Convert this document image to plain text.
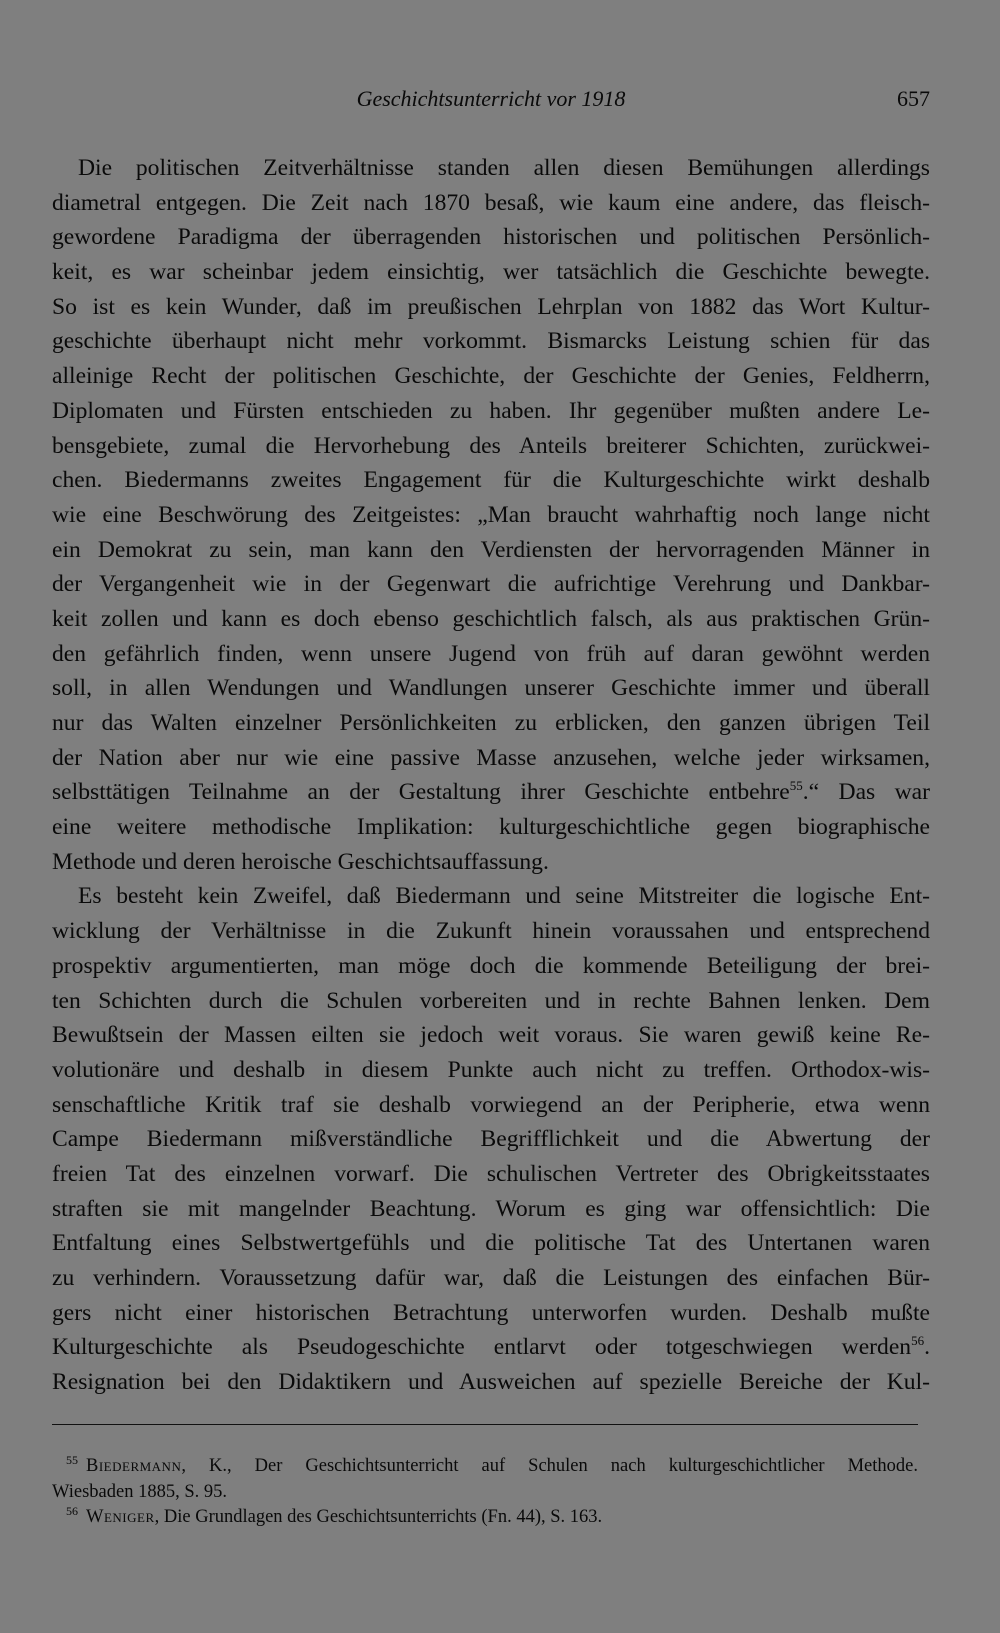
Geschichtsunterricht vor 1918	657
Die politischen Zeitverhältnisse standen allen diesen Bemühungen allerdings
diametral entgegen. Die Zeit nach 1870 besaß, wie kaum eine andere, das fleisch-
gewordene Paradigma der überragenden historischen und politischen Persönlich-
keit, es war scheinbar jedem einsichtig, wer tatsächlich die Geschichte bewegte.
So ist es kein Wunder, daß im preußischen Lehrplan von 1882 das Wort Kultur-
geschichte überhaupt nicht mehr vorkommt. Bismarcks Leistung schien für das
alleinige Recht der politischen Geschichte, der Geschichte der Genies, Feldherrn,
Diplomaten und Fürsten entschieden zu haben. Ihr gegenüber mußten andere Le-
bensgebiete, zumal die Hervorhebung des Anteils breiterer Schichten, zurückwei-
chen. Biedermanns zweites Engagement für die Kulturgeschichte wirkt deshalb
wie eine Beschwörung des Zeitgeistes: „Man braucht wahrhaftig noch lange nicht
ein Demokrat zu sein, man kann den Verdiensten der hervorragenden Männer in
der Vergangenheit wie in der Gegenwart die aufrichtige Verehrung und Dankbar-
keit zollen und kann es doch ebenso geschichtlich falsch, als aus praktischen Grün-
den gefährlich finden, wenn unsere Jugend von früh auf daran gewöhnt werden
soll, in allen Wendungen und Wandlungen unserer Geschichte immer und überall
nur das Walten einzelner Persönlichkeiten zu erblicken, den ganzen übrigen Teil
der Nation aber nur wie eine passive Masse anzusehen, welche jeder wirksamen,
selbsttätigen Teilnahme an der Gestaltung ihrer Geschichte entbehre$^{55}$.“ Das war
eine weitere methodische Implikation: kulturgeschichtliche gegen biographische
Methode und deren heroische Geschichtsauffassung.
Es besteht kein Zweifel, daß Biedermann und seine Mitstreiter die logische Ent-
wicklung der Verhältnisse in die Zukunft hinein voraussahen und entsprechend
prospektiv argumentierten, man möge doch die kommende Beteiligung der brei-
ten Schichten durch die Schulen vorbereiten und in rechte Bahnen lenken. Dem
Bewußtsein der Massen eilten sie jedoch weit voraus. Sie waren gewiß keine Re-
volutionäre und deshalb in diesem Punkte auch nicht zu treffen. Orthodox-wis-
senschaftliche Kritik traf sie deshalb vorwiegend an der Peripherie, etwa wenn
Campe Biedermann mißverständliche Begrifflichkeit und die Abwertung der
freien Tat des einzelnen vorwarf. Die schulischen Vertreter des Obrigkeitsstaates
straften sie mit mangelnder Beachtung. Worum es ging war offensichtlich: Die
Entfaltung eines Selbstwertgefühls und die politische Tat des Untertanen waren
zu verhindern. Voraussetzung dafür war, daß die Leistungen des einfachen Bür-
gers nicht einer historischen Betrachtung unterworfen wurden. Deshalb mußte
Kulturgeschichte als Pseudogeschichte entlarvt oder totgeschwiegen werden$^{56}$.
Resignation bei den Didaktikern und Ausweichen auf spezielle Bereiche der Kul-
$^{55}$ Biedermann, K., Der Geschichtsunterricht auf Schulen nach kulturgeschichtlicher Methode.
Wiesbaden 1885, S. 95.
$^{56}$ Weniger, Die Grundlagen des Geschichtsunterrichts (Fn. 44), S. 163.
